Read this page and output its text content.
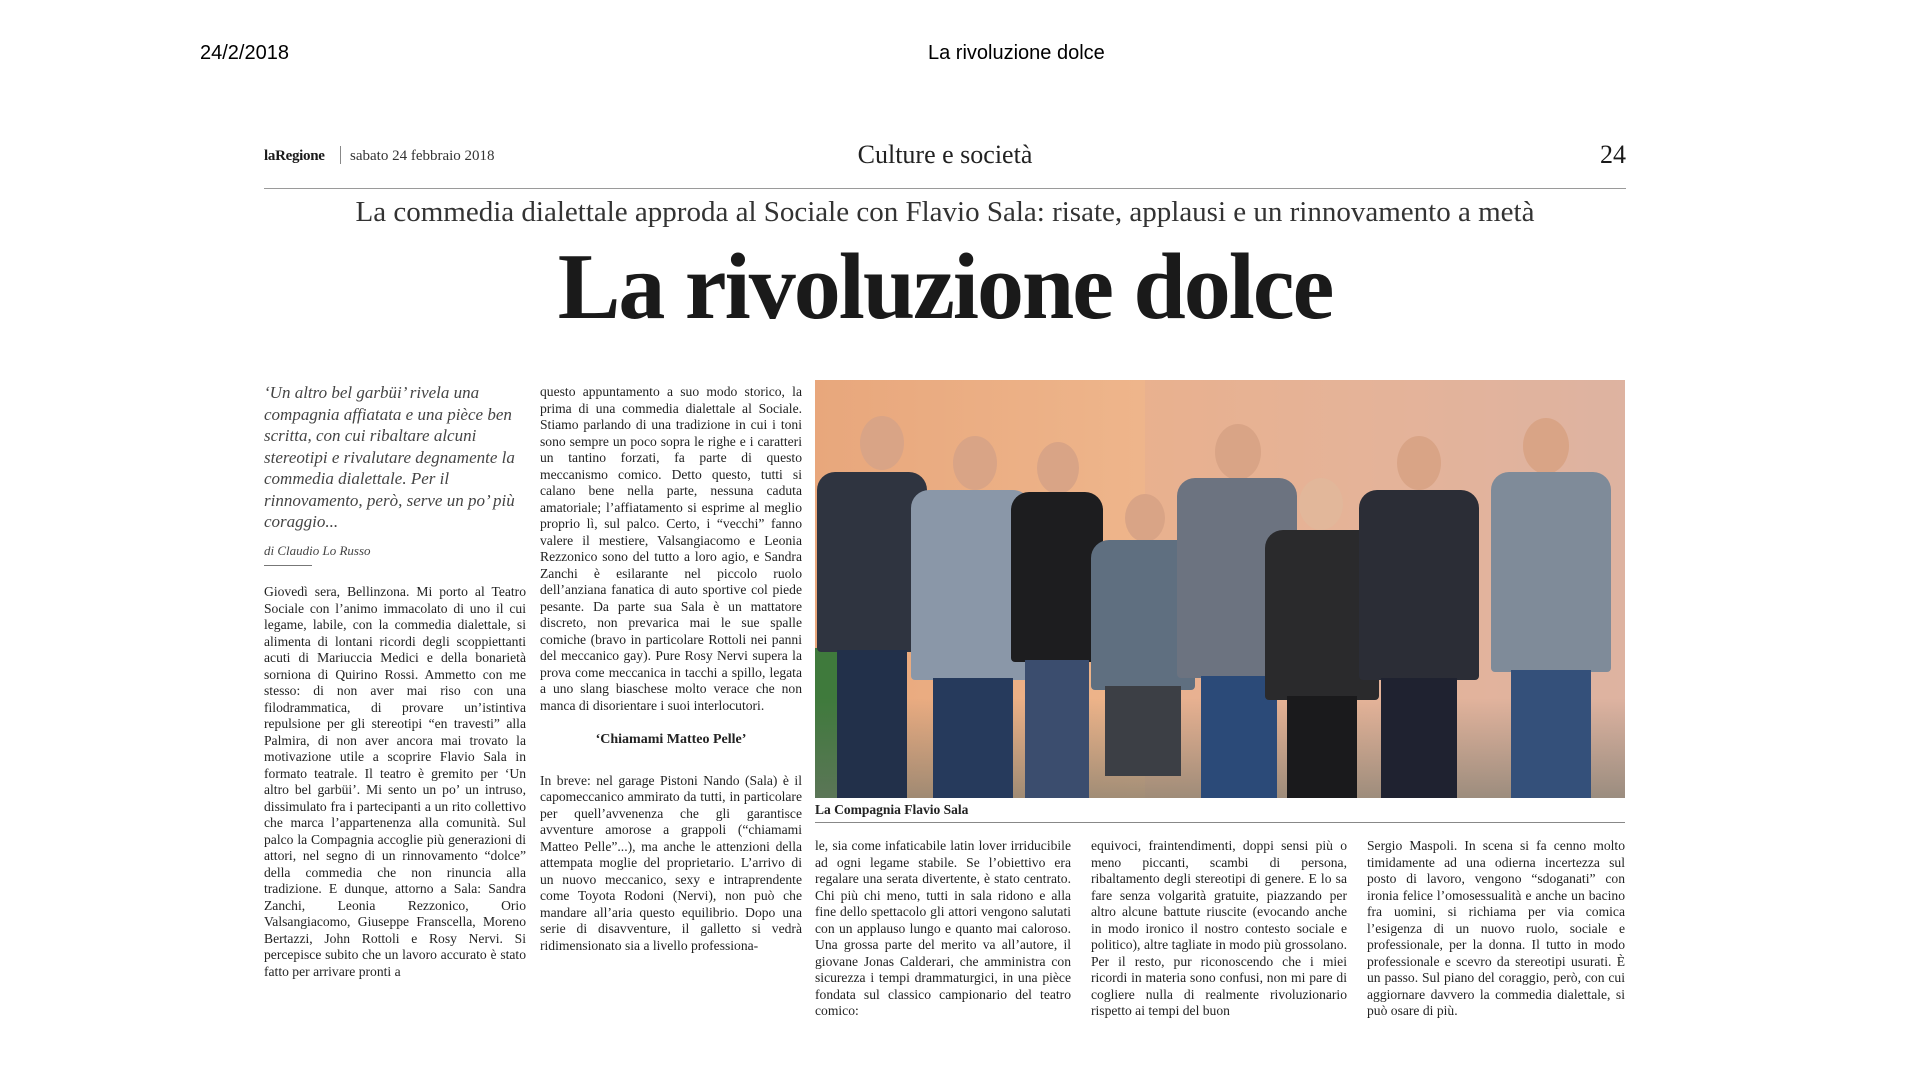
24/2/2018	La rivoluzione dolce
Culture e società
laRegione sabato 24 febbraio 2018	24
La commedia dialettale approda al Sociale con Flavio Sala: risate, applausi e un rinnovamento a metà
La rivoluzione dolce

‘Un altro bel garbüi’ rivela una compagnia affiatata e una pièce ben scritta, con cui ribaltare alcuni stereotipi e rivalutare degnamente la commedia dialettale. Per il rinnovamento, però, serve un po’ più coraggio...

di Claudio Lo Russo

Giovedì sera, Bellinzona. Mi porto al Teatro Sociale con l’animo immacolato di uno il cui legame, labile, con la commedia dialettale, si alimenta di lontani ricordi degli scoppiettanti acuti di Mariuccia Medici e della bonarietà sorniona di Quirino Rossi. Ammetto con me stesso: di non aver mai riso con una filodrammatica, di provare un’istintiva repulsione per gli stereotipi “en travesti” alla Palmira, di non aver ancora mai trovato la motivazione utile a scoprire Flavio Sala in formato teatrale. Il teatro è gremito per ‘Un altro bel garbüi’. Mi sento un po’ un intruso, dissimulato fra i partecipanti a un rito collettivo che marca l’appartenenza alla comunità. Sul palco la Compagnia accoglie più generazioni di attori, nel segno di un rinnovamento “dolce” della commedia che non rinuncia alla tradizione. E dunque, attorno a Sala: Sandra Zanchi, Leonia Rezzonico, Orio Valsangiacomo, Giuseppe Franscella, Moreno Bertazzi, John Rottoli e Rosy Nervi. Si percepisce subito che un lavoro accurato è stato fatto per arrivare pronti a

questo appuntamento a suo modo storico, la prima di una commedia dialettale al Sociale. Stiamo parlando di una tradizione in cui i toni sono sempre un poco sopra le righe e i caratteri un tantino forzati, fa parte di questo meccanismo comico. Detto questo, tutti si calano bene nella parte, nessuna caduta amatoriale; l’affiatamento si esprime al meglio proprio lì, sul palco. Certo, i “vecchi” fanno valere il mestiere, Valsangiacomo e Leonia Rezzonico sono del tutto a loro agio, e Sandra Zanchi è esilarante nel piccolo ruolo dell’anziana fanatica di auto sportive col piede pesante. Da parte sua Sala è un mattatore discreto, non prevarica mai le sue spalle comiche (bravo in particolare Rottoli nei panni del meccanico gay). Pure Rosy Nervi supera la prova come meccanica in tacchi a spillo, legata a uno slang biaschese molto verace che non manca di disorientare i suoi interlocutori.

‘Chiamami Matteo Pelle’

In breve: nel garage Pistoni Nando (Sala) è il capomeccanico ammirato da tutti, in particolare per quell’avvenenza che gli garantisce avventure amorose a grappoli (“chiamami Matteo Pelle”...), ma anche le attenzioni della attempata moglie del proprietario. L’arrivo di un nuovo meccanico, sexy e intraprendente come Toyota Rodoni (Nervi), non può che mandare all’aria questo equilibrio. Dopo una serie di disavventure, il galletto si vedrà ridimensionato sia a livello professiona-

La Compagnia Flavio Sala

le, sia come infaticabile latin lover irriducibile ad ogni legame stabile. Se l’obiettivo era regalare una serata divertente, è stato centrato. Chi più chi meno, tutti in sala ridono e alla fine dello spettacolo gli attori vengono salutati con un applauso lungo e quanto mai caloroso. Una grossa parte del merito va all’autore, il giovane Jonas Calderari, che amministra con sicurezza i tempi drammaturgici, in una pièce fondata sul classico campionario del teatro comico:

equivoci, fraintendimenti, doppi sensi più o meno piccanti, scambi di persona, ribaltamento degli stereotipi di genere. E lo sa fare senza volgarità gratuite, piazzando per altro alcune battute riuscite (evocando anche in modo ironico il nostro contesto sociale e politico), altre tagliate in modo più grossolano. Per il resto, pur riconoscendo che i miei ricordi in materia sono confusi, non mi pare di cogliere nulla di realmente rivoluzionario rispetto ai tempi del buon

Sergio Maspoli. In scena si fa cenno molto timidamente ad una odierna incertezza sul posto di lavoro, vengono “sdoganati” con ironia felice l’omosessualità e anche un bacino fra uomini, si richiama per via comica l’esigenza di un nuovo ruolo, sociale e professionale, per la donna. Il tutto in modo professionale e scevro da stereotipi usurati. È un passo. Sul piano del coraggio, però, con cui aggiornare davvero la commedia dialettale, si può osare di più.
